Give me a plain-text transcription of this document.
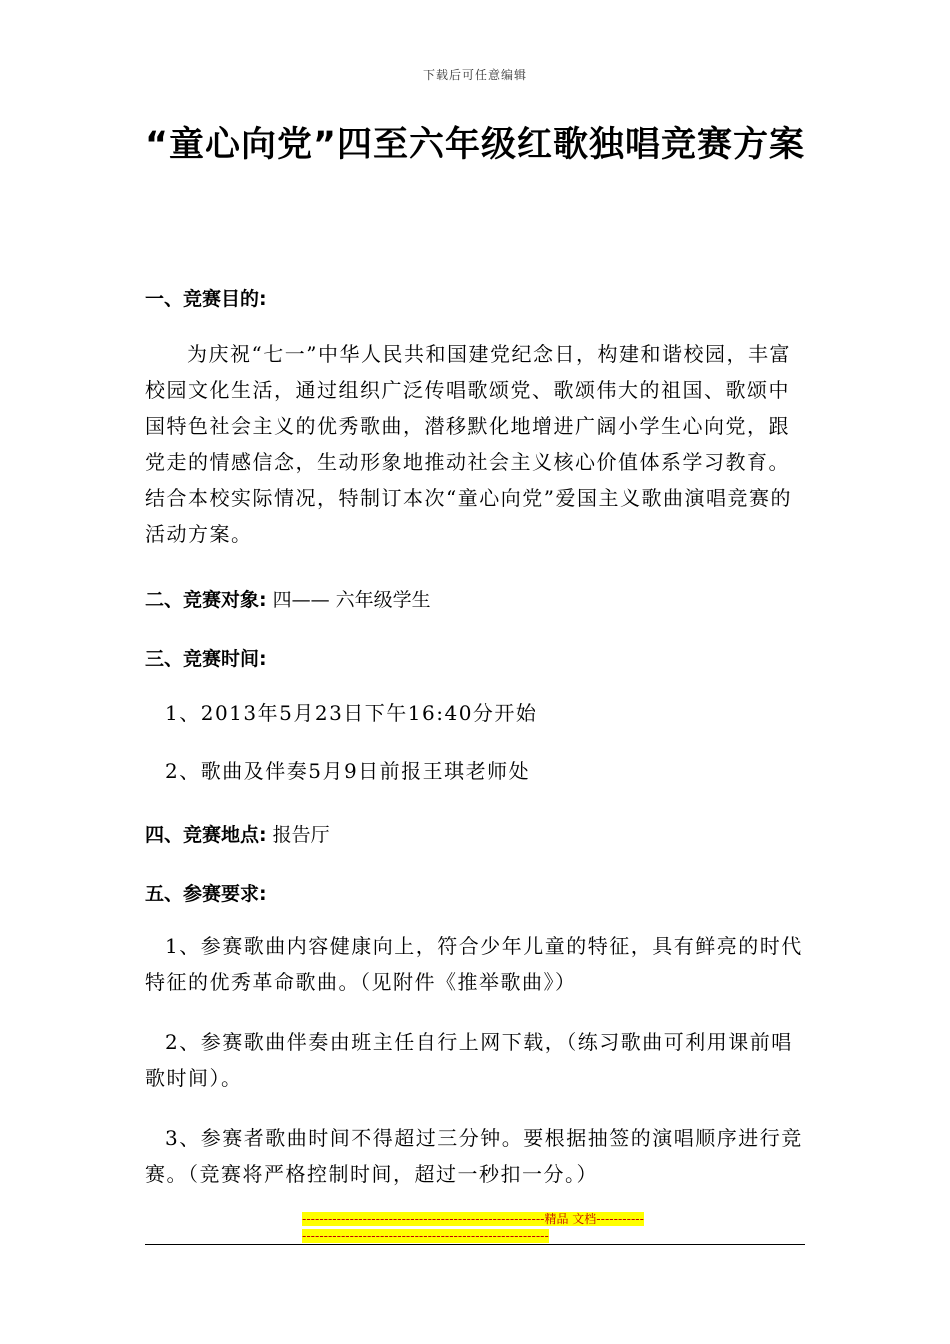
下载后可任意编辑
“童心向党”四至六年级红歌独唱竞赛方案
一、竞赛目的:
为庆祝“七一”中华人民共和国建党纪念日，构建和谐校园，丰富校园文化生活，通过组织广泛传唱歌颂党、歌颂伟大的祖国、歌颂中国特色社会主义的优秀歌曲，潜移默化地增进广阔小学生心向党，跟党走的情感信念，生动形象地推动社会主义核心价值体系学习教育。结合本校实际情况，特制订本次“童心向党”爱国主义歌曲演唱竞赛的活动方案。
二、竞赛对象: 四—— 六年级学生
三、竞赛时间:
1、2013年5月23日下午16:40分开始
2、歌曲及伴奏5月9日前报王琪老师处
四、竞赛地点: 报告厅
五、参赛要求:
1、参赛歌曲内容健康向上，符合少年儿童的特征，具有鲜亮的时代特征的优秀革命歌曲。（见附件《推举歌曲》）
2、参赛歌曲伴奏由班主任自行上网下载，（练习歌曲可利用课前唱歌时间）。
3、参赛者歌曲时间不得超过三分钟。要根据抽签的演唱顺序进行竞赛。（竞赛将严格控制时间，超过一秒扣一分。）
--------------------------------------------------------精品 文档--------------------------------------------------------------------
